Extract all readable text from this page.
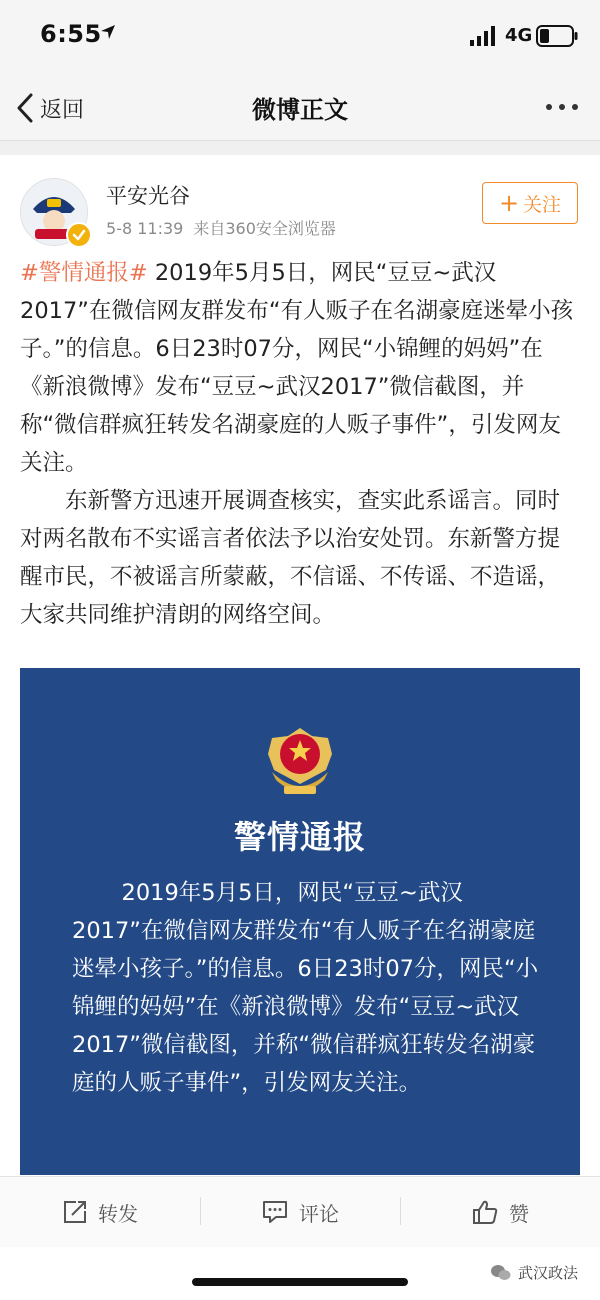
6:55	4G
返回	微博正文
平安光谷
5-8 11:39 来自360安全浏览器
+ 关注

#警情通报# 2019年5月5日，网民“豆豆~武汉2017”在微信网友群发布“有人贩子在名湖豪庭迷晕小孩子。”的信息。6日23时07分，网民“小锦鲤的妈妈”在《新浪微博》发布“豆豆~武汉2017”微信截图，并称“微信群疯狂转发名湖豪庭的人贩子事件”，引发网友关注。

东新警方迅速开展调查核实，查实此系谣言。同时对两名散布不实谣言者依法予以治安处罚。东新警方提醒市民，不被谣言所蒙蔽，不信谣、不传谣、不造谣，大家共同维护清朗的网络空间。

警情通报

2019年5月5日，网民“豆豆~武汉2017”在微信网友群发布“有人贩子在名湖豪庭迷晕小孩子。”的信息。6日23时07分，网民“小锦鲤的妈妈”在《新浪微博》发布“豆豆~武汉2017”微信截图，并称“微信群疯狂转发名湖豪庭的人贩子事件”，引发网友关注。

转发	评论	赞
武汉政法
